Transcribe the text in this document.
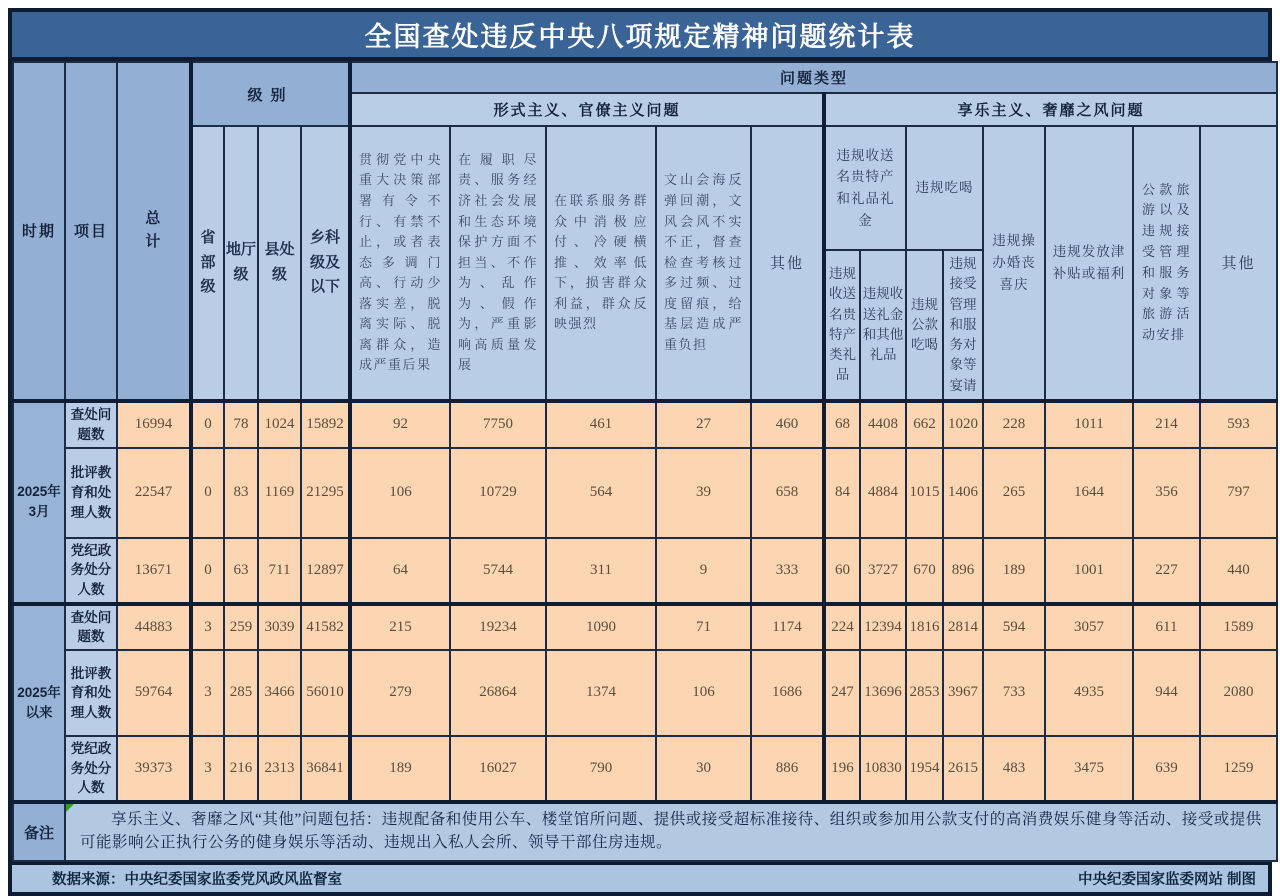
全国查处违反中央八项规定精神问题统计表
时期	项目	总计	级别				问题类型												
							形式主义、官僚主义问题					享乐主义、奢靡之风问题							
			省部级	地厅级	县处级	乡科级及以下	贯彻党中央重大决策部署有令不行、有禁不止，或者表态多调门高、行动少落实差，脱离实际、脱离群众，造成严重后果	在履职尽责、服务经济社会发展和生态环境保护方面不担当、不作为、乱作为、假作为，严重影响高质量发展	在联系服务群众中消极应付、冷硬横推、效率低下，损害群众利益，群众反映强烈	文山会海反弹回潮，文风会风不实不正，督查检查考核过多过频、过度留痕，给基层造成严重负担	其他	违规收送名贵特产和礼品礼金		违规吃喝		违规操办婚丧喜庆	违规发放津补贴或福利	公款旅游以及违规接受管理和服务对象等旅游活动安排	其他
												违规收送名贵特产类礼品	违规收送礼金和其他礼品	违规公款吃喝	违规接受管理和服务对象等宴请				
2025年3月	查处问题数	16994	0	78	1024	15892	92	7750	461	27	460	68	4408	662	1020	228	1011	214	593
	批评教育和处理人数	22547	0	83	1169	21295	106	10729	564	39	658	84	4884	1015	1406	265	1644	356	797
	党纪政务处分人数	13671	0	63	711	12897	64	5744	311	9	333	60	3727	670	896	189	1001	227	440
2025年以来	查处问题数	44883	3	259	3039	41582	215	19234	1090	71	1174	224	12394	1816	2814	594	3057	611	1589
	批评教育和处理人数	59764	3	285	3466	56010	279	26864	1374	106	1686	247	13696	2853	3967	733	4935	944	2080
	党纪政务处分人数	39373	3	216	2313	36841	189	16027	790	30	886	196	10830	1954	2615	483	3475	639	1259
备注	享乐主义、奢靡之风“其他”问题包括：违规配备和使用公车、楼堂馆所问题、提供或接受超标准接待、组织或参加用公款支付的高消费娱乐健身等活动、接受或提供可能影响公正执行公务的健身娱乐等活动、违规出入私人会所、领导干部住房违规。																		
数据来源：中央纪委国家监委党风政风监督室	中央纪委国家监委网站 制图
